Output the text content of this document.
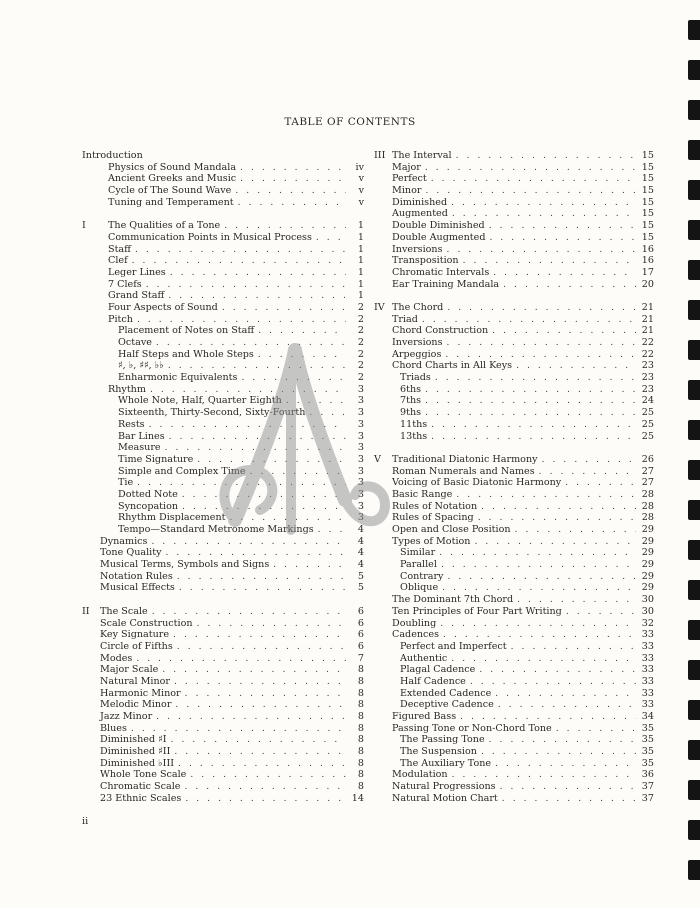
TABLE OF CONTENTS
Introduction
Physics of Sound Mandala . . .	iv
Ancient Greeks and Music . . .	v
Cycle of The Sound Wave . . .	v
Tuning and Temperament . . .	v
I	The Qualities of a Tone . . .	1
Communication Points in Musical Process . . .	1
Staff . . .	1
Clef . . .	1
Leger Lines . . .	1
7 Clefs . . .	1
Grand Staff . . .	1
Four Aspects of Sound . . .	2
Pitch . . .	2
Placement of Notes on Staff . . .	2
Octave . . .	2
Half Steps and Whole Steps . . .	2
♯, ♭, ♯♯, ♭♭ . . .	2
Enharmonic Equivalents . . .	2
Rhythm . . .	3
Whole Note, Half, Quarter Eighth . . .	3
Sixteenth, Thirty-Second, Sixty-Fourth . . .	3
Rests . . .	3
Bar Lines . . .	3
Measure . . .	3
Time Signature . . .	3
Simple and Complex Time . . .	3
Tie . . .	3
Dotted Note . . .	3
Syncopation . . .	3
Rhythm Displacement . . .	3
Tempo—Standard Metronome Markings . . .	4
Dynamics . . .	4
Tone Quality . . .	4
Musical Terms, Symbols and Signs . . .	4
Notation Rules . . .	5
Musical Effects . . .	5
II	The Scale . . .	6
Scale Construction . . .	6
Key Signature . . .	6
Circle of Fifths . . .	6
Modes . . .	7
Major Scale . . .	8
Natural Minor . . .	8
Harmonic Minor . . .	8
Melodic Minor . . .	8
Jazz Minor . . .	8
Blues . . .	8
Diminished ♯I . . .	8
Diminished ♯II . . .	8
Diminished ♭III . . .	8
Whole Tone Scale . . .	8
Chromatic Scale . . .	8
23 Ethnic Scales . . .	14
III The Interval . . .	15
Major . . .	15
Perfect . . .	15
Minor . . .	15
Diminished . . .	15
Augmented . . .	15
Double Diminished . . .	15
Double Augmented . . .	15
Inversions . . .	16
Transposition . . .	16
Chromatic Intervals . . .	17
Ear Training Mandala . . .	20
IV The Chord . . .	21
Triad . . .	21
Chord Construction . . .	21
Inversions . . .	22
Arpeggios . . .	22
Chord Charts in All Keys . . .	23
Triads . . .	23
6ths . . .	23
7ths . . .	24
9ths . . .	25
11ths . . .	25
13ths . . .	25
V	Traditional Diatonic Harmony . . .	26
Roman Numerals and Names . . .	27
Voicing of Basic Diatonic Harmony . . .	27
Basic Range . . .	28
Rules of Notation . . .	28
Rules of Spacing . . .	28
Open and Close Position . . .	29
Types of Motion . . .	29
Similar . . .	29
Parallel . . .	29
Contrary . . .	29
Oblique . . .	29
The Dominant 7th Chord . . .	30
Ten Principles of Four Part Writing . . .	30
Doubling . . .	32
Cadences . . .	33
Perfect and Imperfect . . .	33
Authentic . . .	33
Plagal Cadence . . .	33
Half Cadence . . .	33
Extended Cadence . . .	33
Deceptive Cadence . . .	33
Figured Bass . . .	34
Passing Tone or Non-Chord Tone . . .	35
The Passing Tone . . .	35
The Suspension . . .	35
The Auxiliary Tone . . .	35
Modulation . . .	36
Natural Progressions . . .	37
Natural Motion Chart . . .	37
ii
